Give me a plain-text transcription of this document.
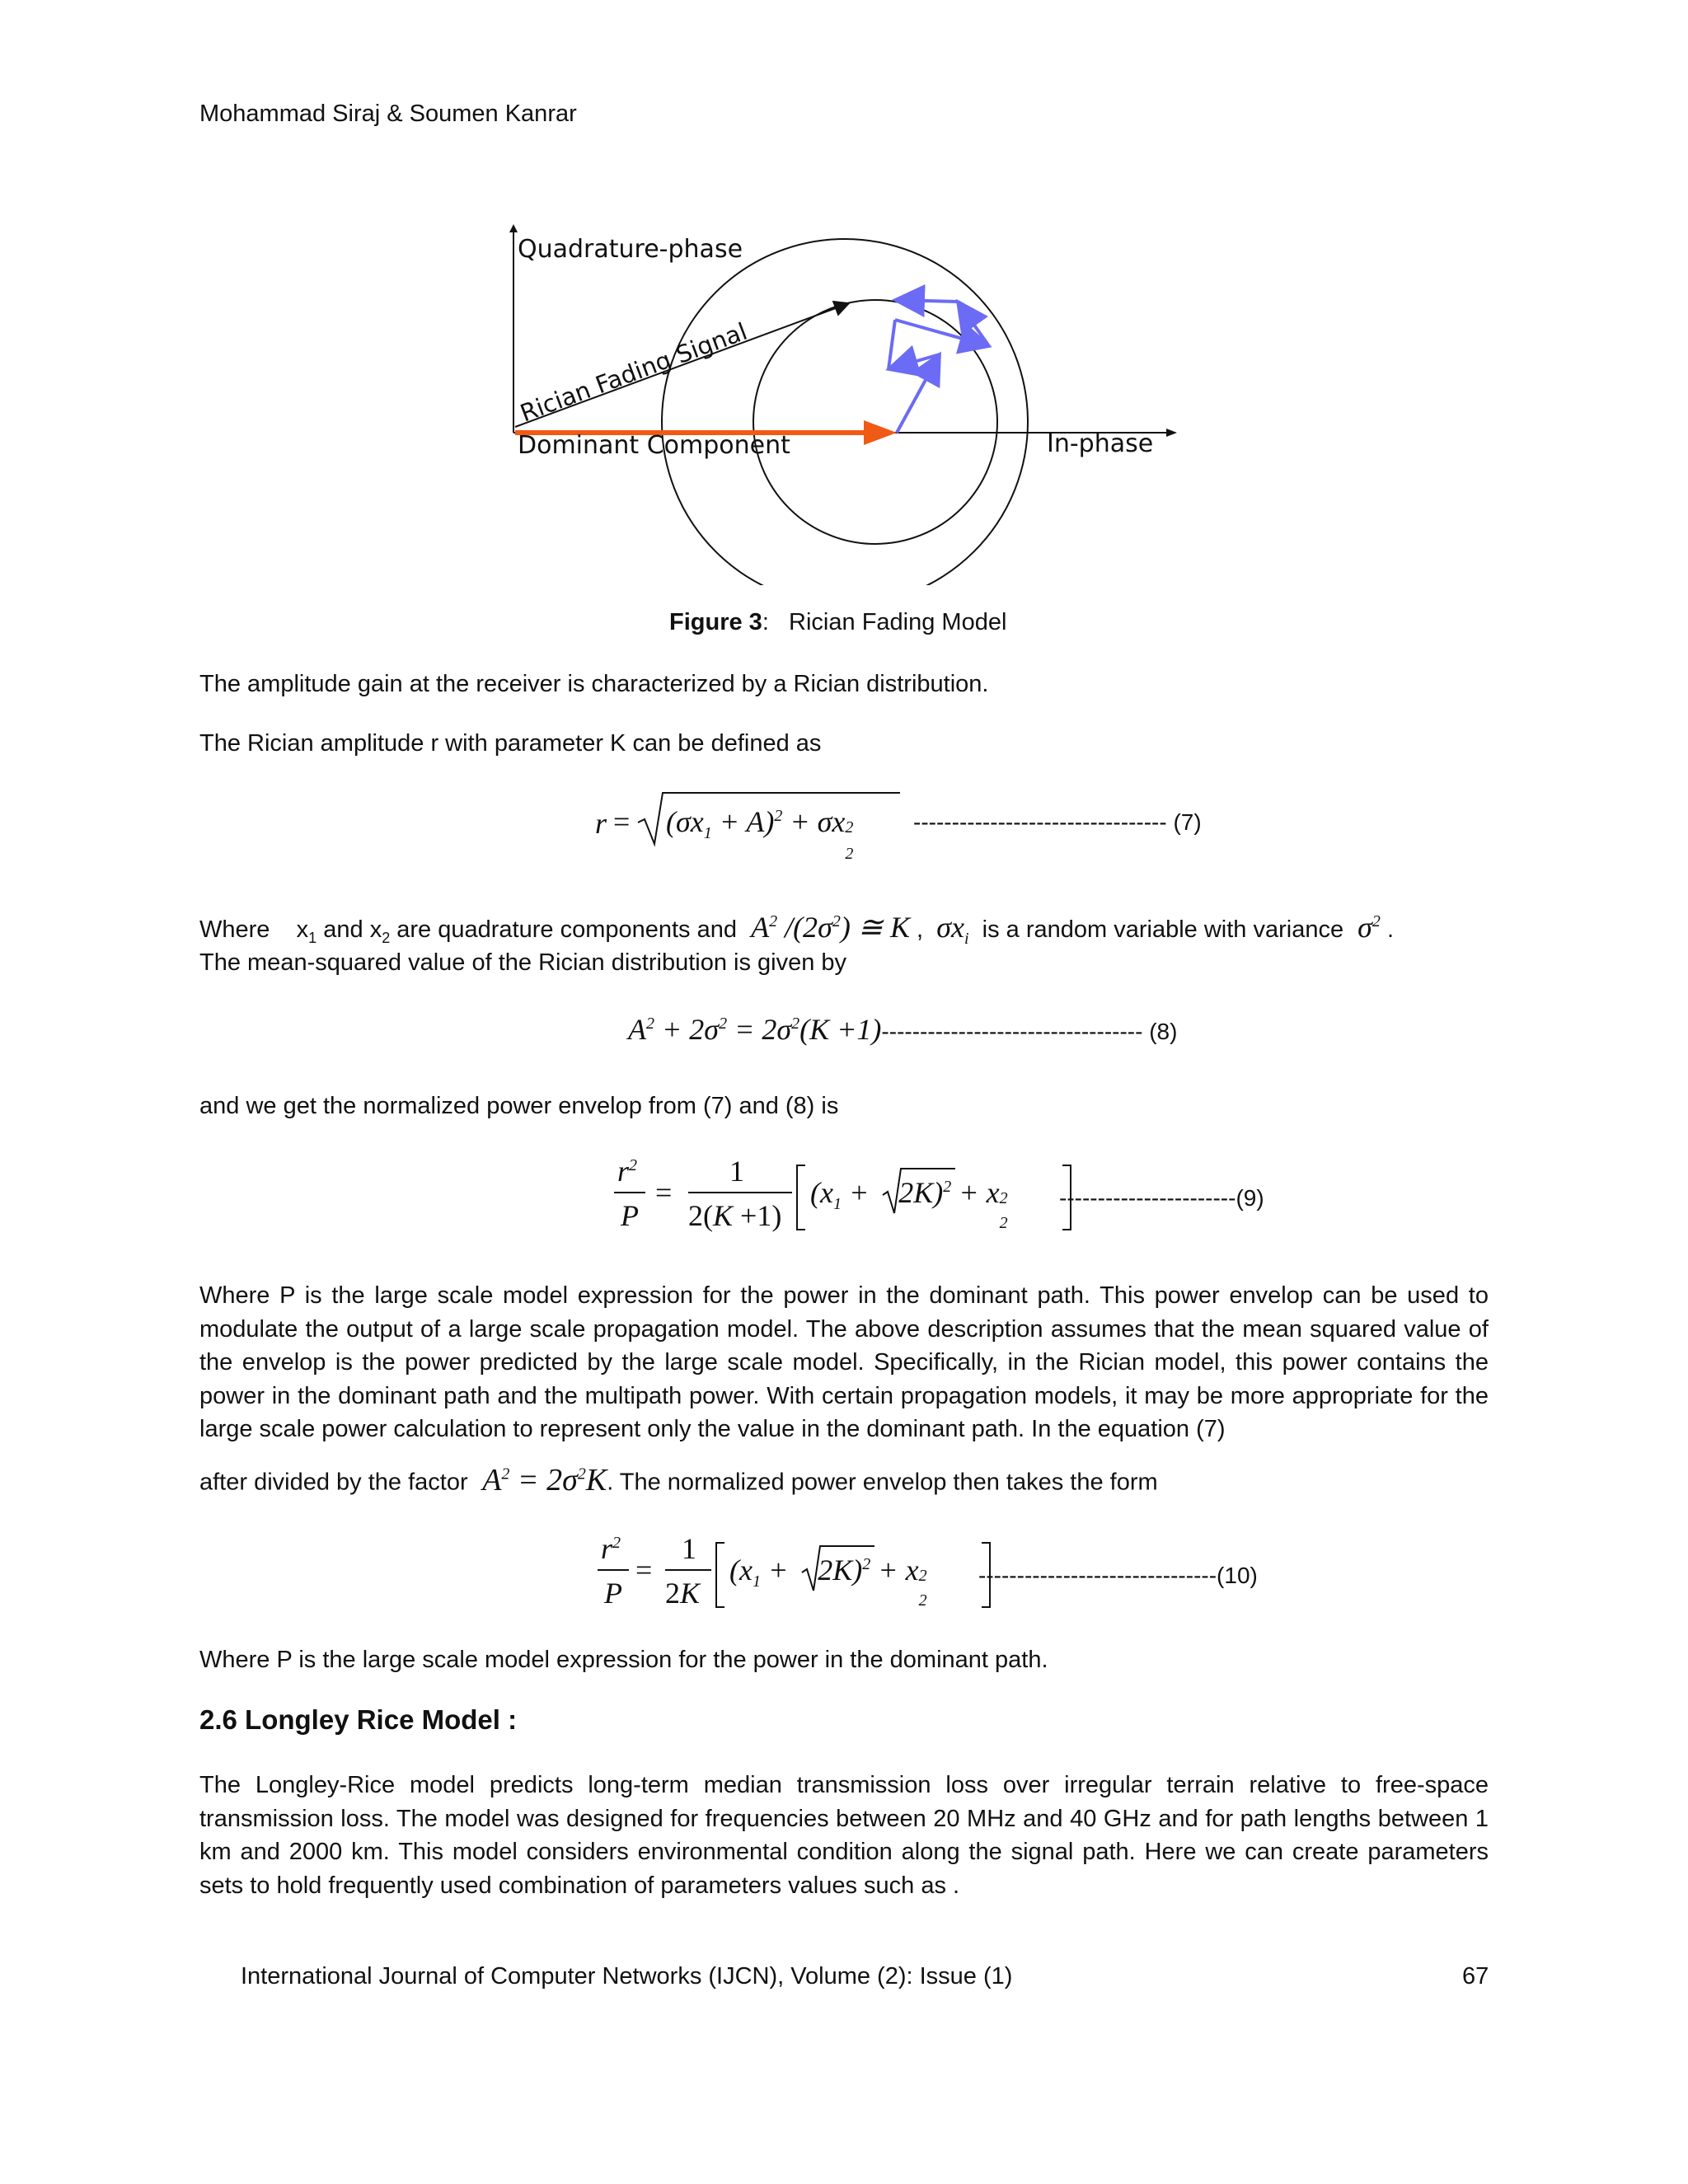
Mohammad Siraj & Soumen Kanrar
Quadrature-phase
Dominant Component	In-phase
Rician Fading Signal
Figure 3: Rician Fading Model
The amplitude gain at the receiver is characterized by a Rician distribution.
The Rician amplitude r with parameter K can be defined as
$r = (\sigma x_1 + A)^2 + \sigma x$ 2
2
--------------------------------- (7)
Where $x_1$ and $x_2$ are quadrature components and  $A^2$ $/(2\sigma^2)$ ≅ K ,  $\sigma x_i$ is a random variable with variance  $\sigma^2$ .
The mean-squared value of the Rician distribution is given by
$A^2 + 2\sigma^2 = 2\sigma^2(K +1)----------------------------------$ (8)
and we get the normalized power envelop from (7) and (8) is
$r^2$
P
=
1
2(K +1)
($x_1$ +    2K)$^2$ + x 2
2
-----------------------(9)
Where P is the large scale model expression for the power in the dominant path. This power envelop can be used to modulate the output of a large scale propagation model. The above description assumes that the mean squared value of the envelop is the power predicted by the large scale model. Specifically, in the Rician model, this power contains the power in the dominant path and the multipath power. With certain propagation models, it may be more appropriate for the large scale power calculation to represent only the value in the dominant path. In the equation (7)
after divided by the factor  $A^2 = 2\sigma^2K$. The normalized power envelop then takes the form
$r^2$
P
=
1
2K
($x_1$ +    2K)$^2$ + x 2
2
-------------------------------(10)
Where P is the large scale model expression for the power in the dominant path.
2.6 Longley Rice Model :
The Longley-Rice model predicts long-term median transmission loss over irregular terrain relative to free-space transmission loss. The model was designed for frequencies between 20 MHz and 40 GHz and for path lengths between 1 km and 2000 km. This model considers environmental condition along the signal path. Here we can create parameters sets to hold frequently used combination of parameters values such as .
International Journal of Computer Networks (IJCN), Volume (2): Issue (1)	67
